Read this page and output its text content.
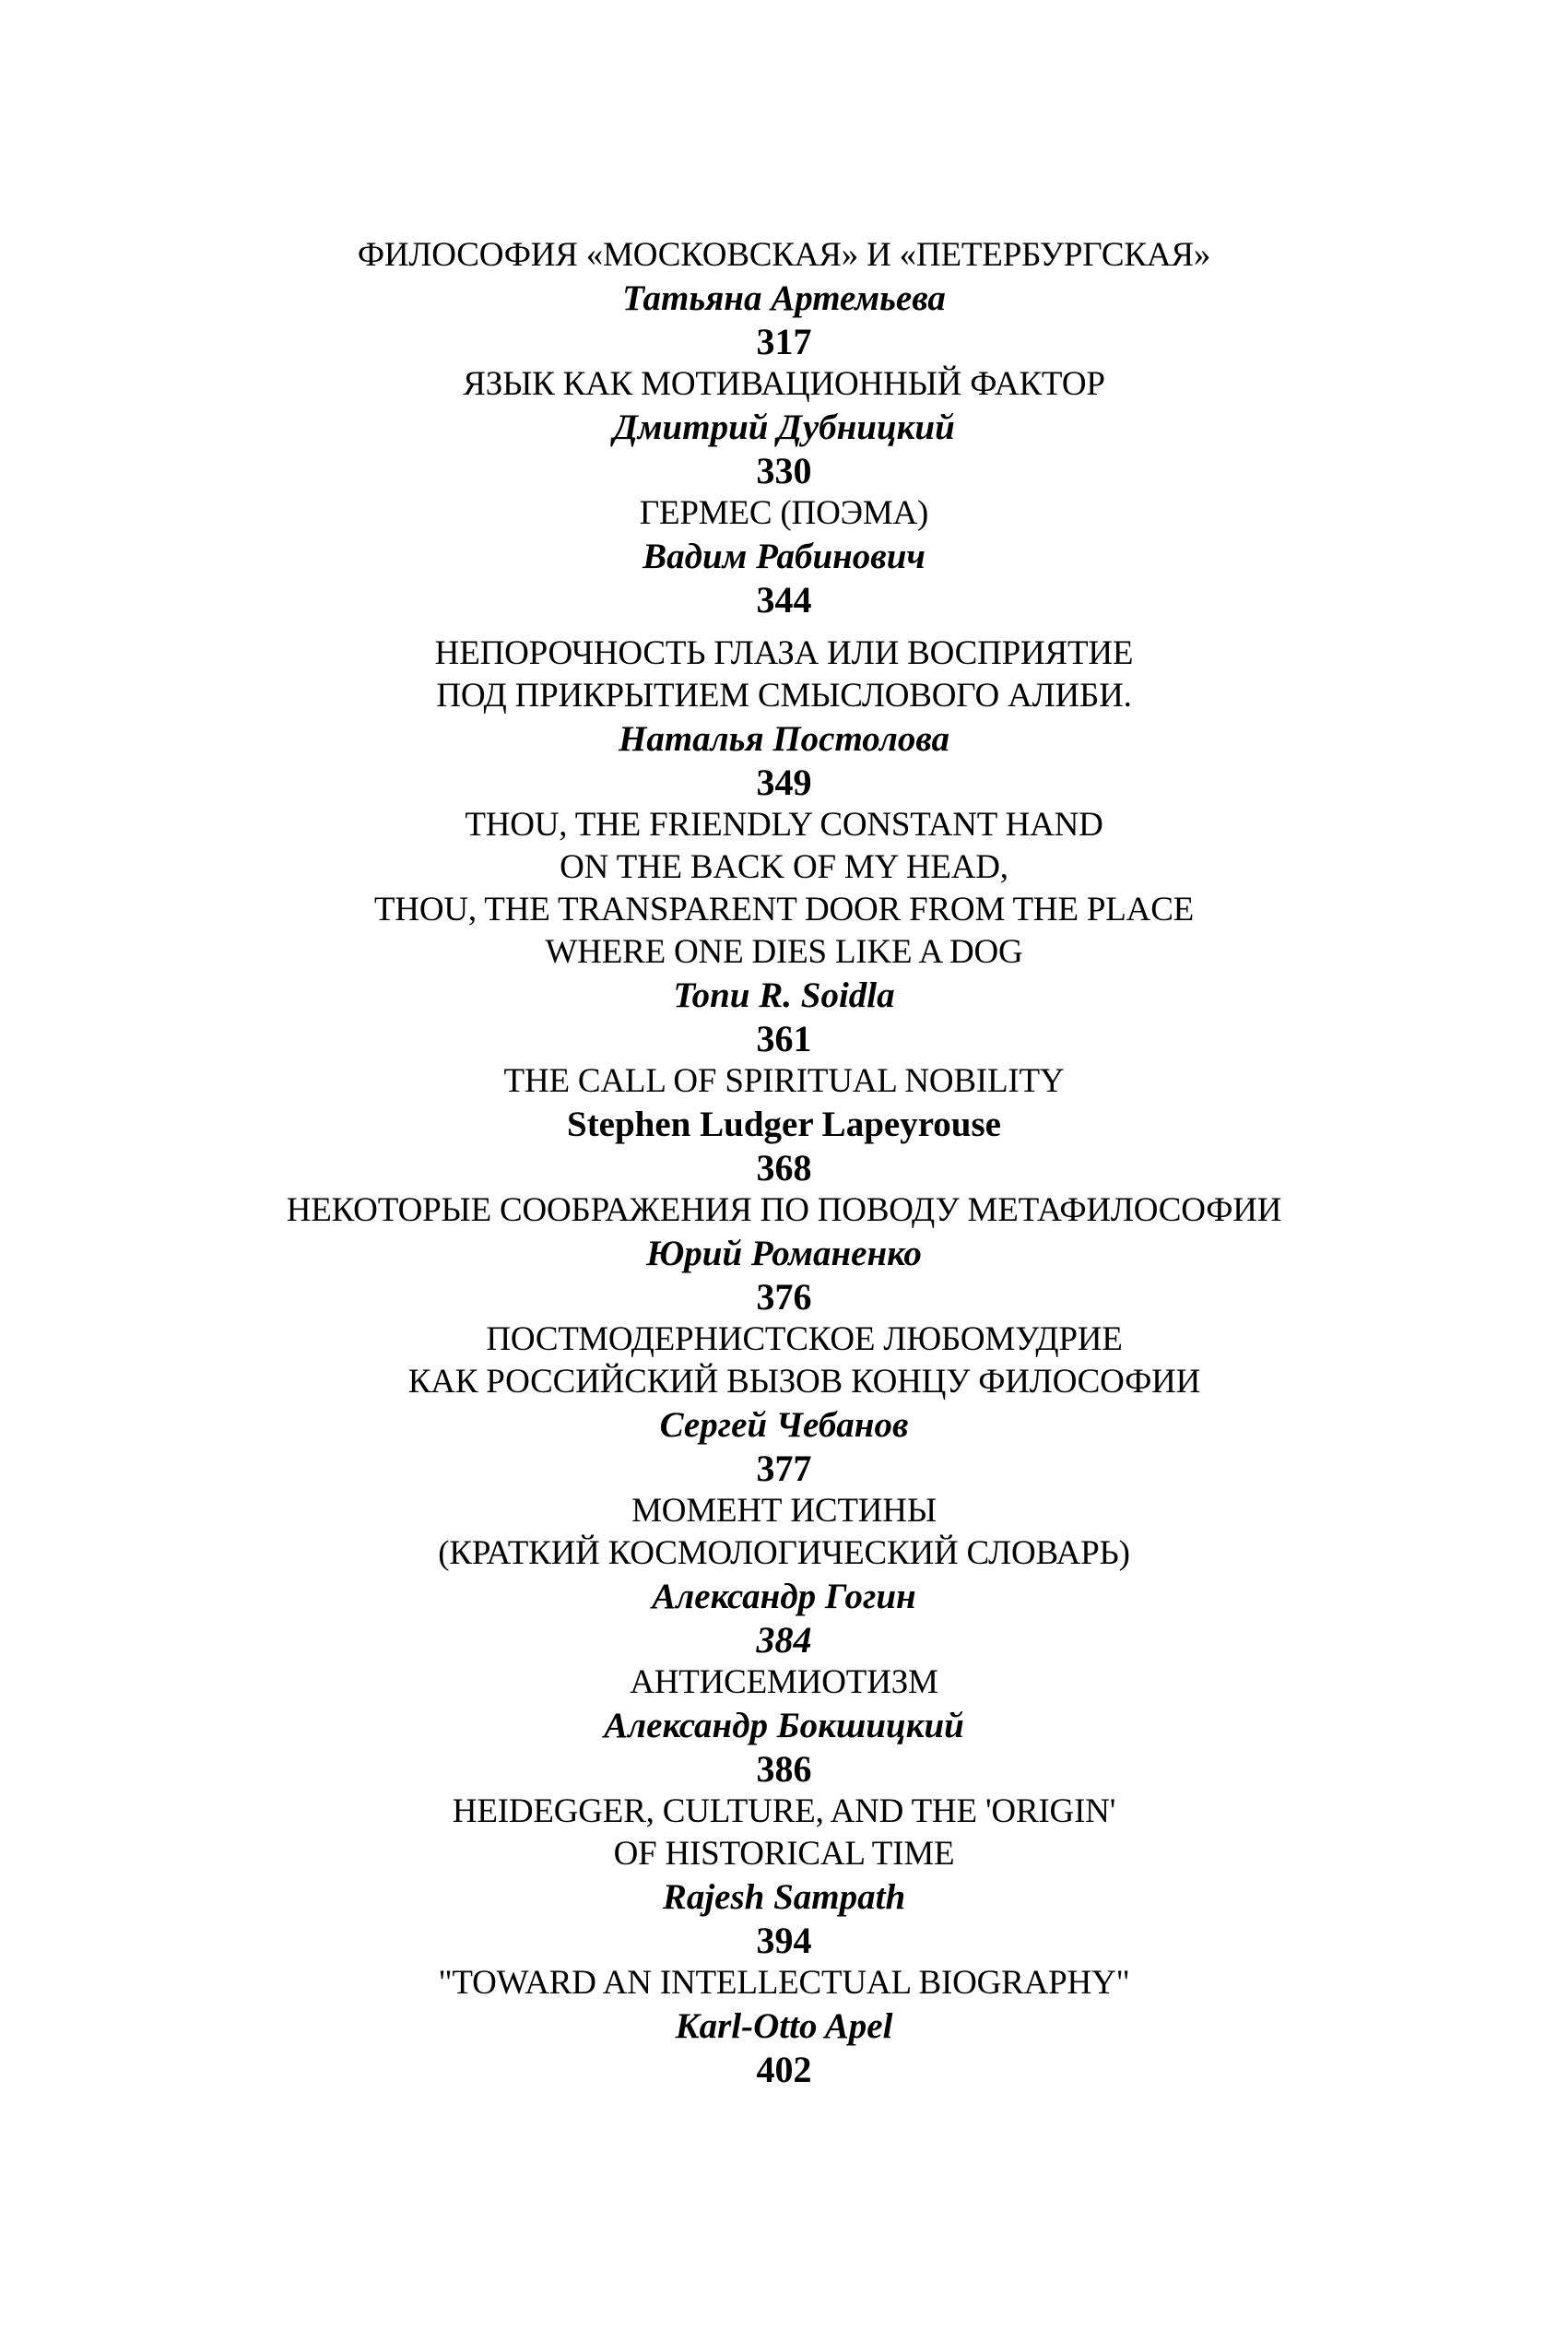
ФИЛОСОФИЯ «МОСКОВСКАЯ» И «ПЕТЕРБУРГСКАЯ»
Татьяна Артемьева
317
ЯЗЫК КАК МОТИВАЦИОННЫЙ ФАКТОР
Дмитрий Дубницкий
330
ГЕРМЕС (ПОЭМА)
Вадим Рабинович
344
НЕПОРОЧНОСТЬ ГЛАЗА ИЛИ ВОСПРИЯТИЕ
ПОД ПРИКРЫТИЕМ СМЫСЛОВОГО АЛИБИ.
Наталья Постолова
349
THOU, THE FRIENDLY CONSTANT HAND
ON THE BACK OF MY HEAD,
THOU, THE TRANSPARENT DOOR FROM THE PLACE
WHERE ONE DIES LIKE A DOG
Tonu R. Soidla
361
THE CALL OF SPIRITUAL NOBILITY
Stephen Ludger Lapeyrouse
368
НЕКОТОРЫЕ СООБРАЖЕНИЯ ПО ПОВОДУ МЕТАФИЛОСОФИИ
Юрий Романенко
376
ПОСТМОДЕРНИСТСКОЕ ЛЮБОМУДРИЕ
КАК РОССИЙСКИЙ ВЫЗОВ КОНЦУ ФИЛОСОФИИ
Сергей Чебанов
377
МОМЕНТ ИСТИНЫ
(КРАТКИЙ КОСМОЛОГИЧЕСКИЙ СЛОВАРЬ)
Александр Гогин
384
АНТИСЕМИОТИЗМ
Александр Бокшицкий
386
HEIDEGGER, CULTURE, AND THE 'ORIGIN'
OF HISTORICAL TIME
Rajesh Sampath
394
"TOWARD AN INTELLECTUAL BIOGRAPHY"
Karl-Otto Apel
402
